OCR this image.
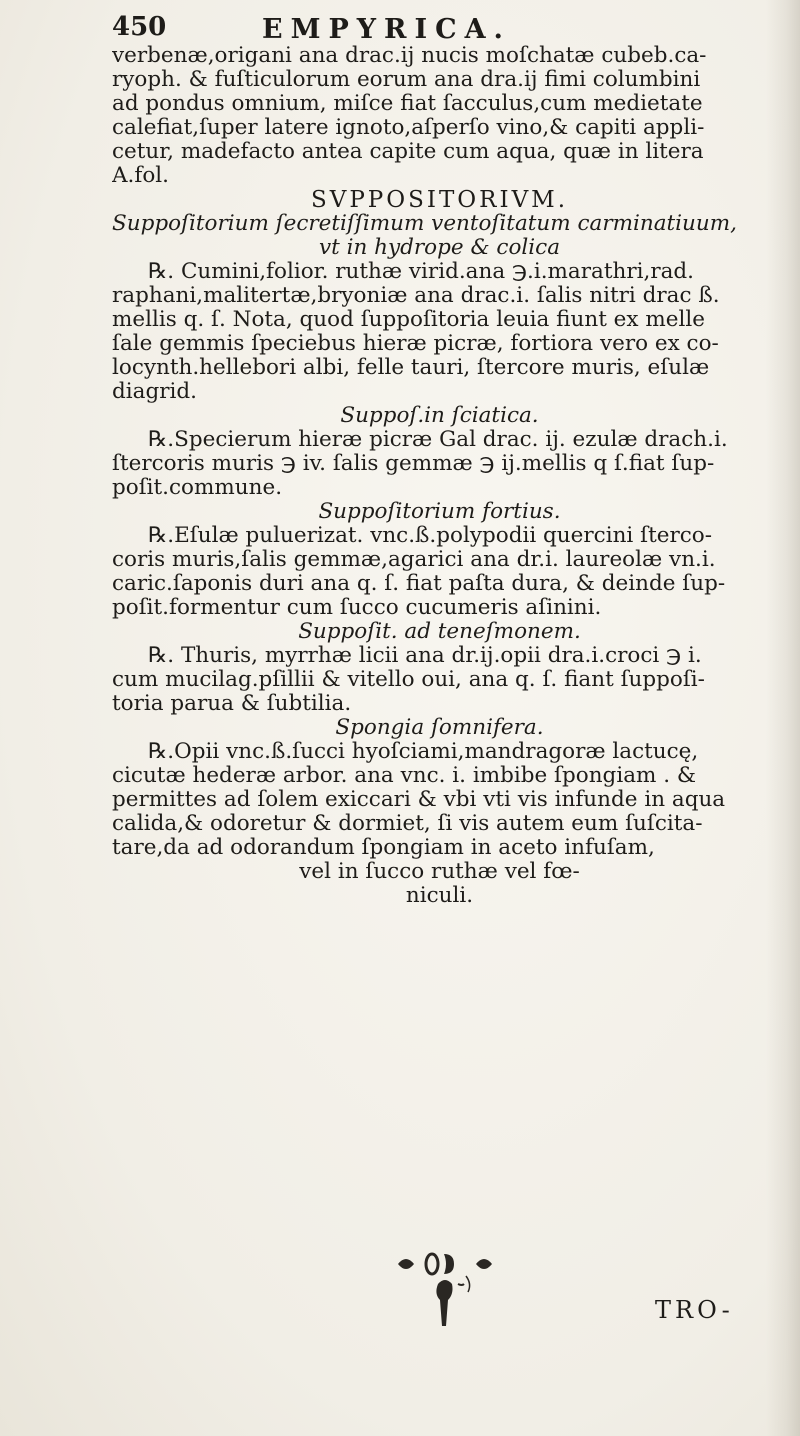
450	EMPYRICA.
verbenæ,origani ana drac.ij nucis moſchatæ cubeb.ca-
ryoph. & fuſticulorum eorum ana dra.ij fimi columbini
ad pondus omnium, miſce fiat ſacculus,cum medietate
calefiat,ſuper latere ignoto,aſperſo vino,& capiti appli-
cetur, madefacto antea capite cum aqua, quæ in litera
A.fol.
SVPPOSITORIVM.
Suppoſitorium ſecretiſſimum ventoſitatum carminatiuum,
vt in hydrope & colica
℞. Cumini,folior. ruthæ virid.ana ℈.i.marathri,rad.
raphani,malitertæ,bryoniæ ana drac.i. ſalis nitri drac ß.
mellis q. ſ. Nota, quod ſuppoſitoria leuia fiunt ex melle
ſale gemmis ſpeciebus hieræ picræ, fortiora vero ex co-
locynth.hellebori albi, felle tauri, ſtercore muris, eſulæ
diagrid.
Suppoſ.in ſciatica.
℞.Specierum hieræ picræ Gal drac. ij. ezulæ drach.i.
ſtercoris muris ℈ iv. ſalis gemmæ ℈ ij.mellis q ſ.fiat ſup-
poſit.commune.
Suppoſitorium fortius.
℞.Eſulæ puluerizat. vnc.ß.polypodii quercini ſterco-
coris muris,ſalis gemmæ,agarici ana dr.i. laureolæ vn.i.
caric.ſaponis duri ana q. ſ. fiat paſta dura, & deinde ſup-
poſit.formentur cum ſucco cucumeris aſinini.
Suppoſit. ad teneſmonem.
℞. Thuris, myrrhæ licii ana dr.ij.opii dra.i.croci ℈ i.
cum mucilag.pſillii & vitello oui, ana q. ſ. fiant ſuppoſi-
toria parua & ſubtilia.
Spongia ſomnifera.
℞.Opii vnc.ß.ſucci hyoſciami,mandragoræ lactucę,
cicutæ hederæ arbor. ana vnc. i. imbibe ſpongiam . &
permittes ad ſolem exiccari & vbi vti vis infunde in aqua
calida,& odoretur & dormiet, ſi vis autem eum ſuſcita-
tare,da ad odorandum ſpongiam in aceto infuſam,
vel in ſucco ruthæ vel fœ-
niculi.
TRO-
